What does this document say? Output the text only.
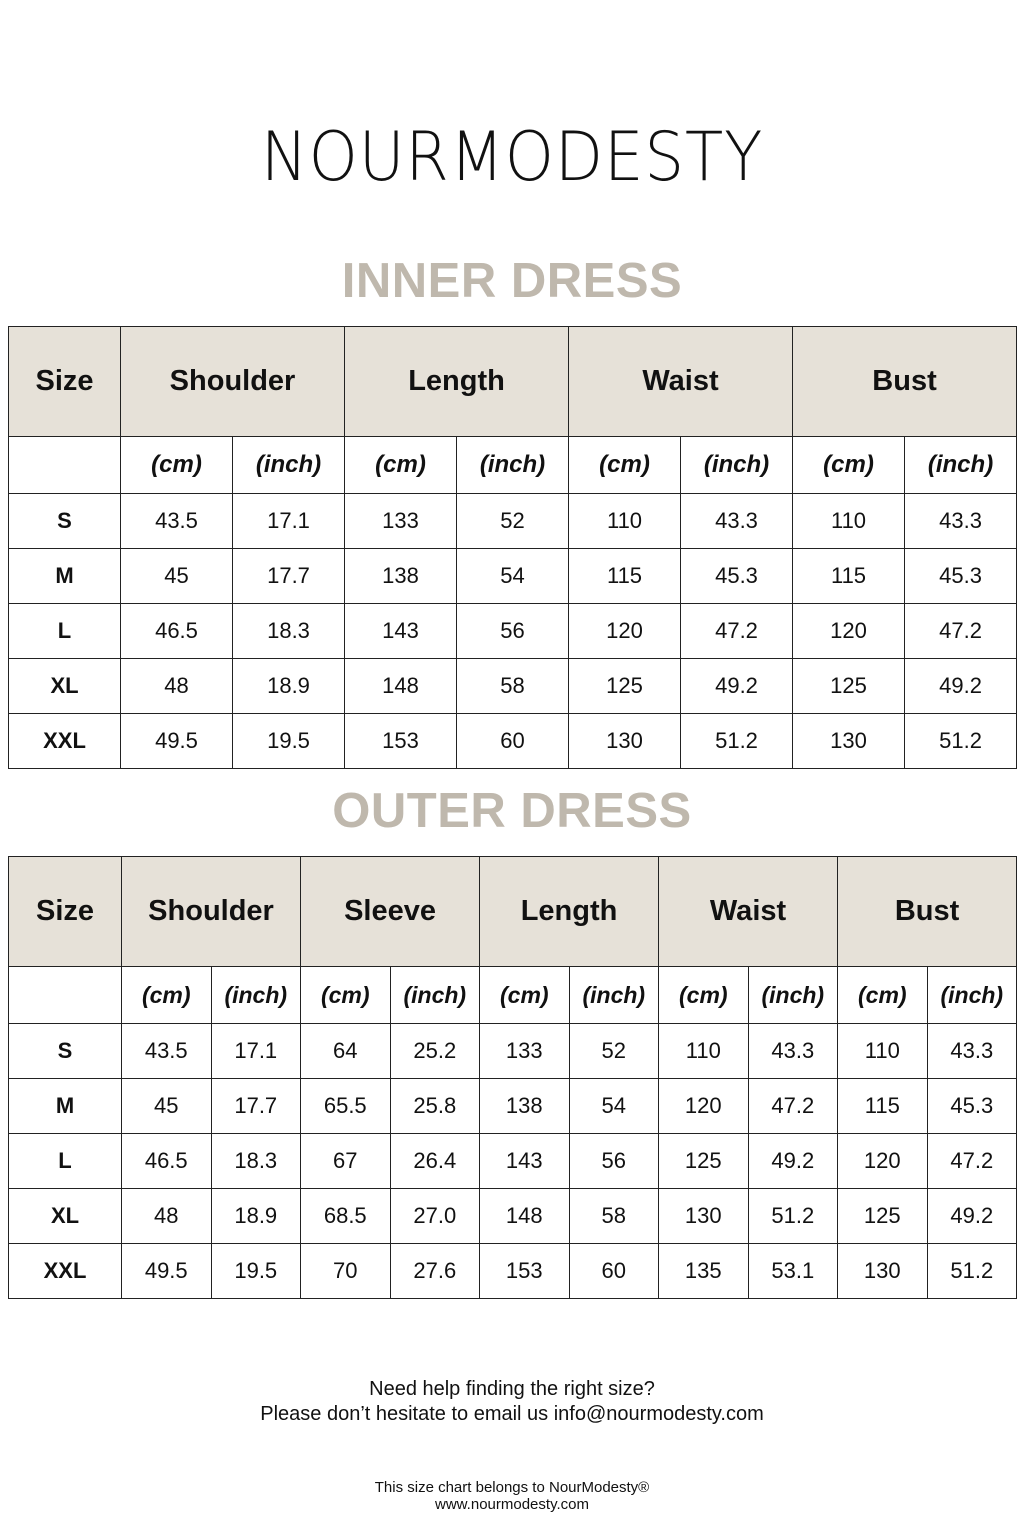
NOURMODESTY
INNER DRESS
Size	Shoulder		Length		Waist		Bust	
	(cm)	(inch)	(cm)	(inch)	(cm)	(inch)	(cm)	(inch)
S	43.5	17.1	133	52	110	43.3	110	43.3
M	45	17.7	138	54	115	45.3	115	45.3
L	46.5	18.3	143	56	120	47.2	120	47.2
XL	48	18.9	148	58	125	49.2	125	49.2
XXL	49.5	19.5	153	60	130	51.2	130	51.2
OUTER DRESS
Size	Shoulder		Sleeve		Length		Waist		Bust	
	(cm)	(inch)	(cm)	(inch)	(cm)	(inch)	(cm)	(inch)	(cm)	(inch)
S	43.5	17.1	64	25.2	133	52	110	43.3	110	43.3
M	45	17.7	65.5	25.8	138	54	120	47.2	115	45.3
L	46.5	18.3	67	26.4	143	56	125	49.2	120	47.2
XL	48	18.9	68.5	27.0	148	58	130	51.2	125	49.2
XXL	49.5	19.5	70	27.6	153	60	135	53.1	130	51.2
Need help finding the right size?
Please don’t hesitate to email us info@nourmodesty.com
This size chart belongs to NourModesty®
www.nourmodesty.com
